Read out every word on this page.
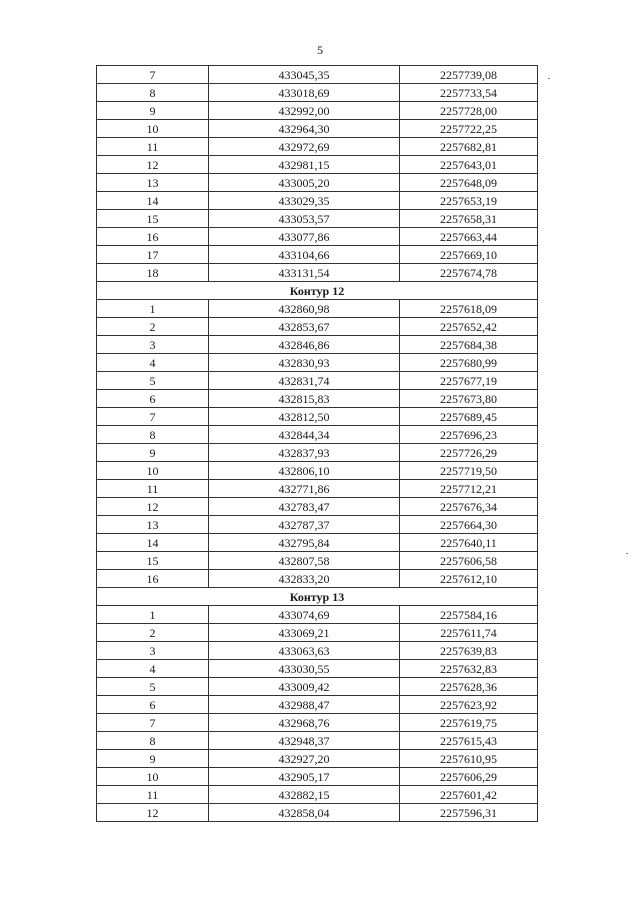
5
7	433045,35	2257739,08
8	433018,69	2257733,54
9	432992,00	2257728,00
10	432964,30	2257722,25
11	432972,69	2257682,81
12	432981,15	2257643,01
13	433005,20	2257648,09
14	433029,35	2257653,19
15	433053,57	2257658,31
16	433077,86	2257663,44
17	433104,66	2257669,10
18	433131,54	2257674,78
Контур 12		
1	432860,98	2257618,09
2	432853,67	2257652,42
3	432846,86	2257684,38
4	432830,93	2257680,99
5	432831,74	2257677,19
6	432815,83	2257673,80
7	432812,50	2257689,45
8	432844,34	2257696,23
9	432837,93	2257726,29
10	432806,10	2257719,50
11	432771,86	2257712,21
12	432783,47	2257676,34
13	432787,37	2257664,30
14	432795,84	2257640,11
15	432807,58	2257606,58
16	432833,20	2257612,10
Контур 13		
1	433074,69	2257584,16
2	433069,21	2257611,74
3	433063,63	2257639,83
4	433030,55	2257632,83
5	433009,42	2257628,36
6	432988,47	2257623,92
7	432968,76	2257619,75
8	432948,37	2257615,43
9	432927,20	2257610,95
10	432905,17	2257606,29
11	432882,15	2257601,42
12	432858,04	2257596,31
